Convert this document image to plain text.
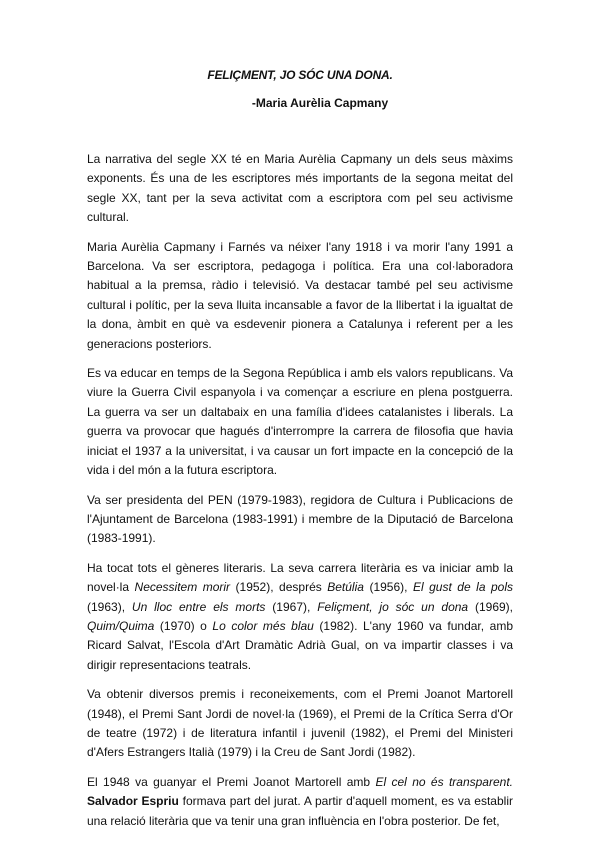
FELIÇMENT, JO SÓC UNA DONA.
-Maria Aurèlia Capmany

La narrativa del segle XX té en Maria Aurèlia Capmany un dels seus màxims exponents. És una de les escriptores més importants de la segona meitat del segle XX, tant per la seva activitat com a escriptora com pel seu activisme cultural.

Maria Aurèlia Capmany i Farnés va néixer l'any 1918 i va morir l'any 1991 a Barcelona. Va ser escriptora, pedagoga i política. Era una col·laboradora habitual a la premsa, ràdio i televisió. Va destacar també pel seu activisme cultural i polític, per la seva lluita incansable a favor de la llibertat i la igualtat de la dona, àmbit en què va esdevenir pionera a Catalunya i referent per a les generacions posteriors.

Es va educar en temps de la Segona República i amb els valors republicans. Va viure la Guerra Civil espanyola i va començar a escriure en plena postguerra. La guerra va ser un daltabaix en una família d'idees catalanistes i liberals. La guerra va provocar que hagués d'interrompre la carrera de filosofia que havia iniciat el 1937 a la universitat, i va causar un fort impacte en la concepció de la vida i del món a la futura escriptora.

Va ser presidenta del PEN (1979-1983), regidora de Cultura i Publicacions de l'Ajuntament de Barcelona (1983-1991) i membre de la Diputació de Barcelona (1983-1991).

Ha tocat tots el gèneres literaris. La seva carrera literària es va iniciar amb la novel·la Necessitem morir (1952), després Betúlia (1956), El gust de la pols (1963), Un lloc entre els morts (1967), Feliçment, jo sóc un dona (1969), Quim/Quima (1970) o Lo color més blau (1982). L'any 1960 va fundar, amb Ricard Salvat, l'Escola d'Art Dramàtic Adrià Gual, on va impartir classes i va dirigir representacions teatrals.

Va obtenir diversos premis i reconeixements, com el Premi Joanot Martorell (1948), el Premi Sant Jordi de novel·la (1969), el Premi de la Crítica Serra d'Or de teatre (1972) i de literatura infantil i juvenil (1982), el Premi del Ministeri d'Afers Estrangers Italià (1979) i la Creu de Sant Jordi (1982).

El 1948 va guanyar el Premi Joanot Martorell amb El cel no és transparent. Salvador Espriu formava part del jurat. A partir d'aquell moment, es va establir una relació literària que va tenir una gran influència en l'obra posterior. De fet,
